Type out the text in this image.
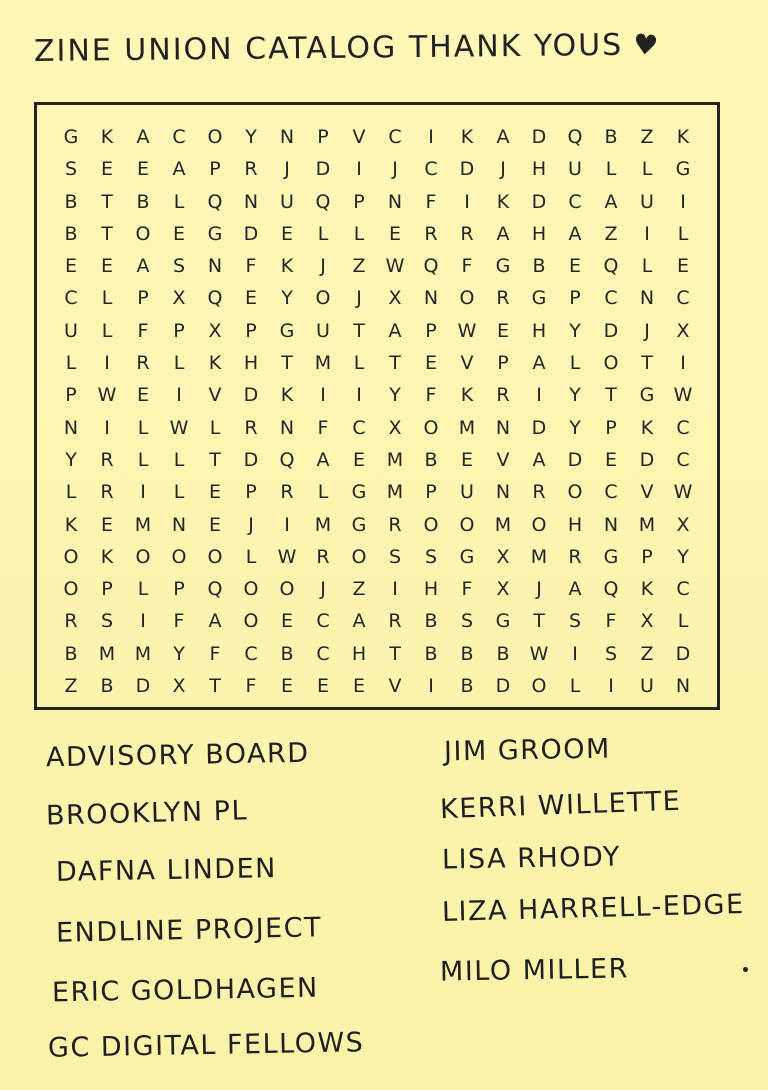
ZINE UNION CATALOG THANK YOUS ♥
G	K	A	C	O	Y	N	P	V	C	I	K	A	D	Q	B	Z	K
S	E	E	A	P	R	J	D	I	J	C	D	J	H	U	L	L	G
B	T	B	L	Q	N	U	Q	P	N	F	I	K	D	C	A	U	I
B	T	O	E	G	D	E	L	L	E	R	R	A	H	A	Z	I	L
E	E	A	S	N	F	K	J	Z	W	Q	F	G	B	E	Q	L	E
C	L	P	X	Q	E	Y	O	J	X	N	O	R	G	P	C	N	C
U	L	F	P	X	P	G	U	T	A	P	W	E	H	Y	D	J	X
L	I	R	L	K	H	T	M	L	T	E	V	P	A	L	O	T	I
P	W	E	I	V	D	K	I	I	Y	F	K	R	I	Y	T	G	W
N	I	L	W	L	R	N	F	C	X	O	M	N	D	Y	P	K	C
Y	R	L	L	T	D	Q	A	E	M	B	E	V	A	D	E	D	C
L	R	I	L	E	P	R	L	G	M	P	U	N	R	O	C	V	W
K	E	M	N	E	J	I	M	G	R	O	O	M	O	H	N	M	X
O	K	O	O	O	L	W	R	O	S	S	G	X	M	R	G	P	Y
O	P	L	P	Q	O	O	J	Z	I	H	F	X	J	A	Q	K	C
R	S	I	F	A	O	E	C	A	R	B	S	G	T	S	F	X	L
B	M	M	Y	F	C	B	C	H	T	B	B	B	W	I	S	Z	D
Z	B	D	X	T	F	E	E	E	V	I	B	D	O	L	I	U	N
ADVISORY BOARD
BROOKLYN PL
DAFNA LINDEN
ENDLINE PROJECT
ERIC GOLDHAGEN
GC DIGITAL FELLOWS
JIM GROOM
KERRI WILLETTE
LISA RHODY
LIZA HARRELL-EDGE
MILO MILLER
